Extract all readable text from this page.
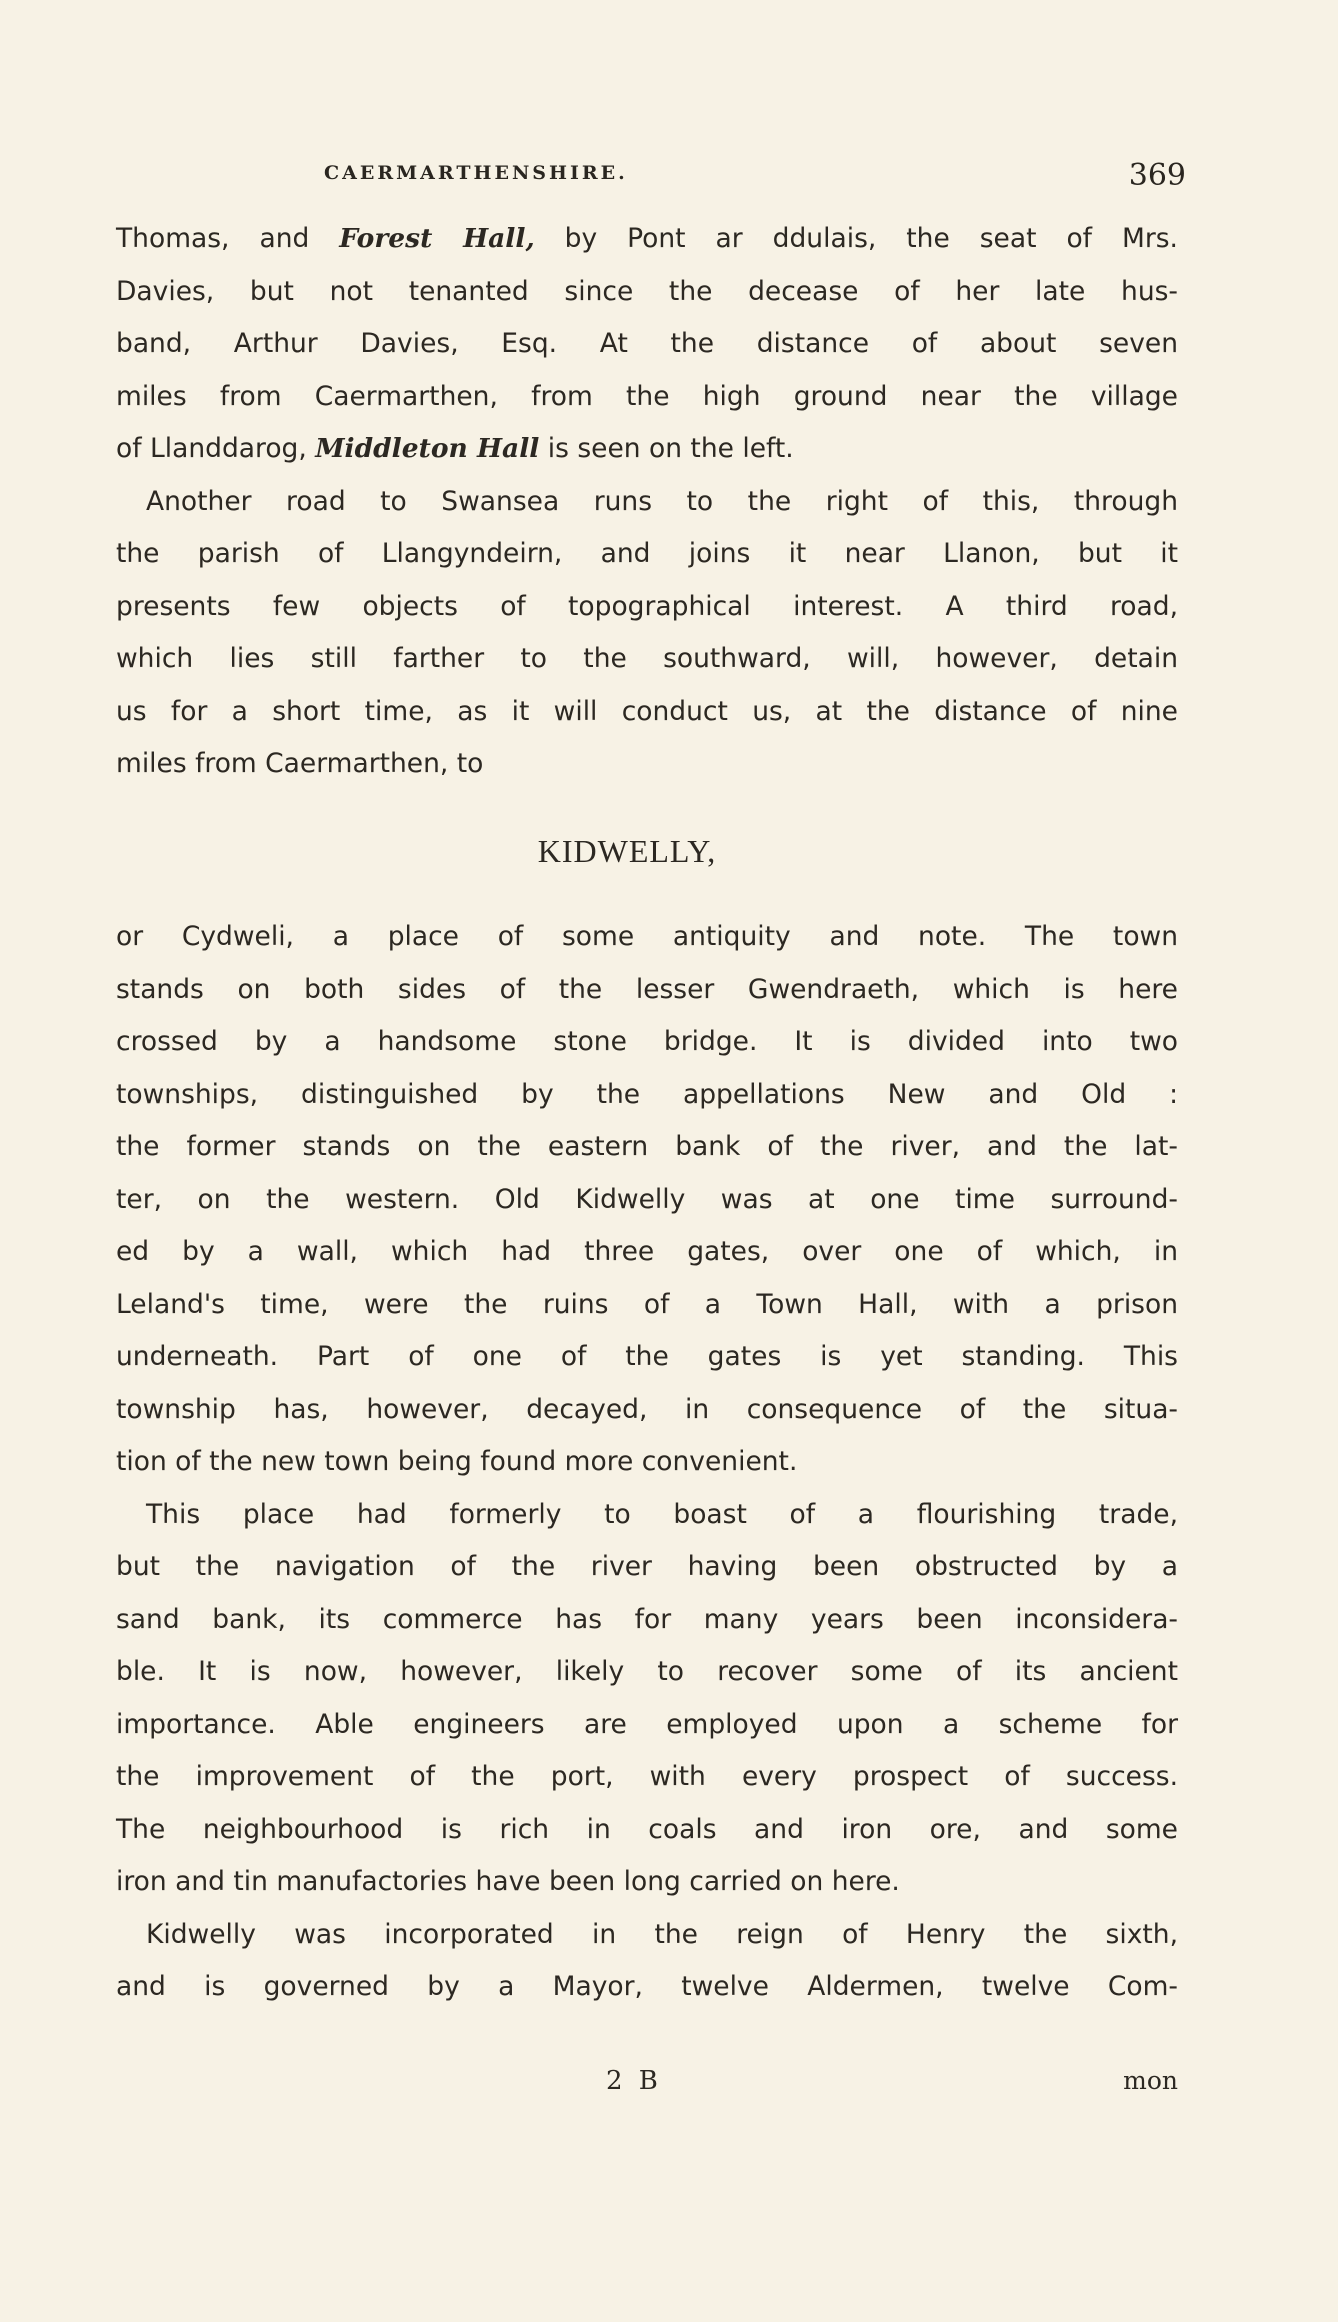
CAERMARTHENSHIRE.	369
Thomas, and Forest Hall, by Pont ar ddulais, the seat of Mrs.
Davies, but not tenanted since the decease of her late hus-
band, Arthur Davies, Esq. At the distance of about seven
miles from Caermarthen, from the high ground near the village
of Llanddarog, Middleton Hall is seen on the left.
Another road to Swansea runs to the right of this, through
the parish of Llangyndeirn, and joins it near Llanon, but it
presents few objects of topographical interest. A third road,
which lies still farther to the southward, will, however, detain
us for a short time, as it will conduct us, at the distance of nine
miles from Caermarthen, to
KIDWELLY,
or Cydweli, a place of some antiquity and note. The town
stands on both sides of the lesser Gwendraeth, which is here
crossed by a handsome stone bridge. It is divided into two
townships, distinguished by the appellations New and Old :
the former stands on the eastern bank of the river, and the lat-
ter, on the western. Old Kidwelly was at one time surround-
ed by a wall, which had three gates, over one of which, in
Leland's time, were the ruins of a Town Hall, with a prison
underneath. Part of one of the gates is yet standing. This
township has, however, decayed, in consequence of the situa-
tion of the new town being found more convenient.
This place had formerly to boast of a flourishing trade,
but the navigation of the river having been obstructed by a
sand bank, its commerce has for many years been inconsidera-
ble. It is now, however, likely to recover some of its ancient
importance. Able engineers are employed upon a scheme for
the improvement of the port, with every prospect of success.
The neighbourhood is rich in coals and iron ore, and some
iron and tin manufactories have been long carried on here.
Kidwelly was incorporated in the reign of Henry the sixth,
and is governed by a Mayor, twelve Aldermen, twelve Com-
2 B	mon
